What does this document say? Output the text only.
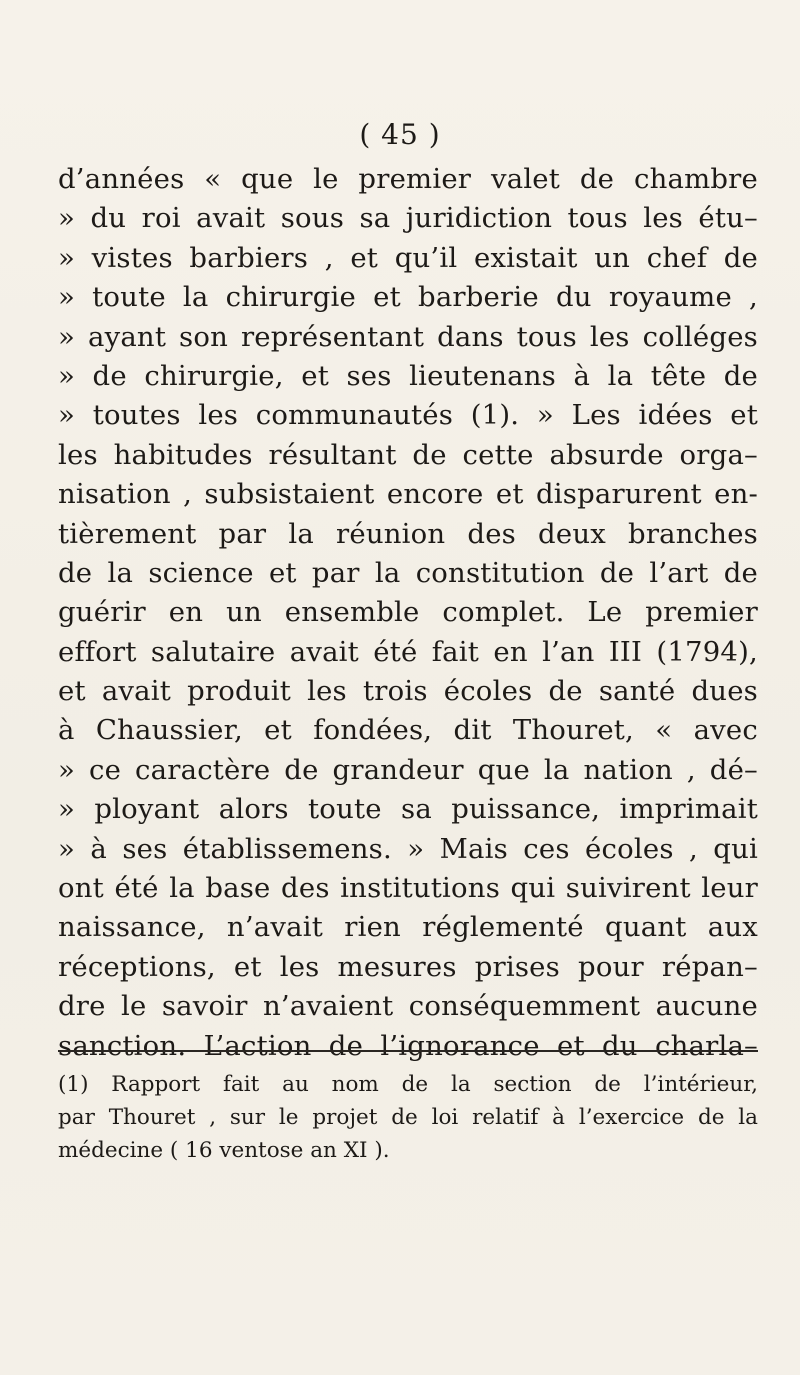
( 45 )
d’années « que le premier valet de chambre
» du roi avait sous sa juridiction tous les étu–
» vistes barbiers , et qu’il existait un chef de
» toute la chirurgie et barberie du royaume ,
» ayant son représentant dans tous les colléges
» de chirurgie, et ses lieutenans à la tête de
» toutes les communautés (1). » Les idées et
les habitudes résultant de cette absurde orga–
nisation , subsistaient encore et disparurent en-
tièrement par la réunion des deux branches
de la science et par la constitution de l’art de
guérir en un ensemble complet. Le premier
effort salutaire avait été fait en l’an III (1794),
et avait produit les trois écoles de santé dues
à Chaussier, et fondées, dit Thouret, « avec
» ce caractère de grandeur que la nation , dé–
» ployant alors toute sa puissance, imprimait
» à ses établissemens. » Mais ces écoles , qui
ont été la base des institutions qui suivirent leur
naissance, n’avait rien réglementé quant aux
réceptions, et les mesures prises pour répan–
dre le savoir n’avaient conséquemment aucune
sanction. L’action de l’ignorance et du charla–
(1) Rapport fait au nom de la section de l’intérieur,
par Thouret , sur le projet de loi relatif à l’exercice de la
médecine ( 16 ventose an XI ).
